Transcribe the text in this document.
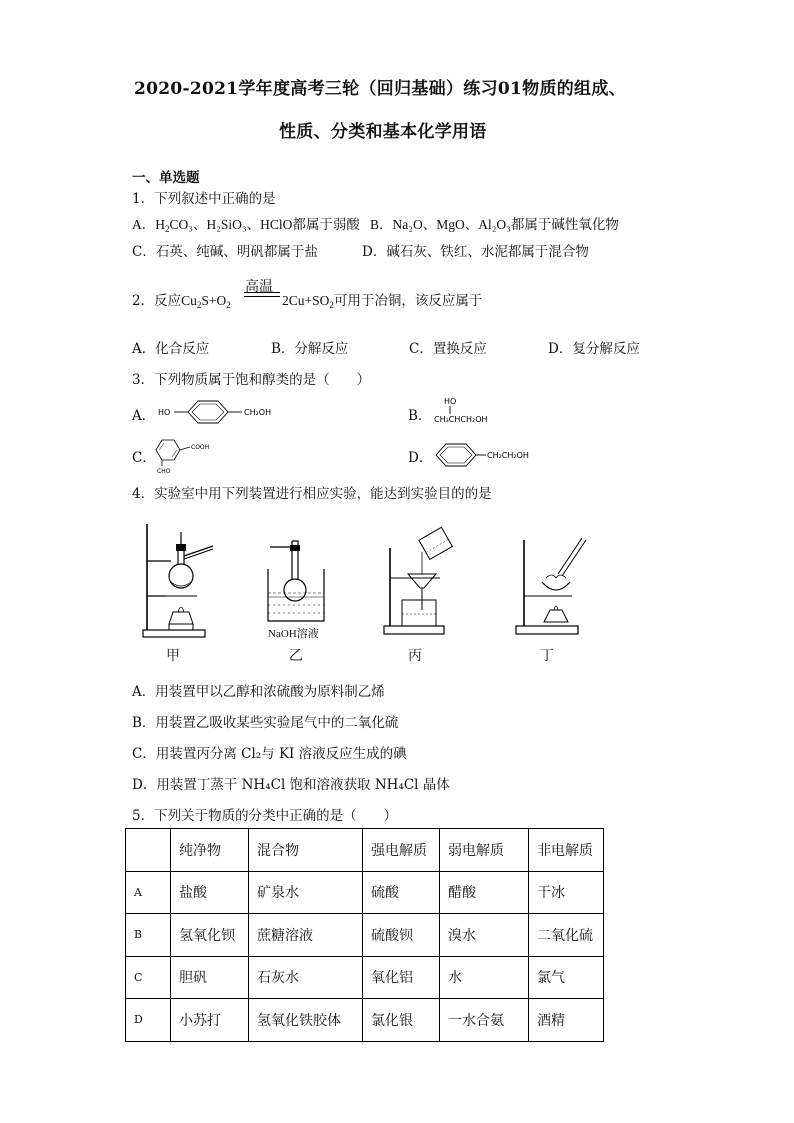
2020-2021学年度高考三轮（回归基础）练习01物质的组成、
性质、分类和基本化学用语
一、单选题
1．下列叙述中正确的是
A．$H_2CO_3$、H₂SiO₃、HClO都属于弱酸 B．Na₂O、MgO、Al₂O₃都属于碱性氧化物
C．石英、纯碱、明矾都属于盐	D．碱石灰、铁红、水泥都属于混合物
2．反应$Cu_2S+O_2$
高温
$2Cu+SO_2$可用于冶铜，该反应属于
A．化合反应	B．分解反应	C．置换反应	D．复分解反应
3．下列物质属于饱和醇类的是（　　）
A． HO	CH₂OH	B．
HO
CH₃CHCH₂OH
C．
COOH
CHO
D．	CH₂CH₂OH
4．实验室中用下列装置进行相应实验，能达到实验目的的是
甲
NaOH溶液
乙	丙	丁
A．用装置甲以乙醇和浓硫酸为原料制乙烯
B．用装置乙吸收某些实验尾气中的二氧化硫
C．用装置丙分离 Cl₂与 KI 溶液反应生成的碘
D．用装置丁蒸干 NH₄Cl 饱和溶液获取 NH₄Cl 晶体
5．下列关于物质的分类中正确的是（　　）
	纯净物	混合物	强电解质	弱电解质	非电解质
A	盐酸	矿泉水	硫酸	醋酸	干冰
B	氢氧化钡	蔗糖溶液	硫酸钡	溴水	二氧化硫
C	胆矾	石灰水	氧化铝	水	氯气
D	小苏打	氢氧化铁胶体	氯化银	一水合氨	酒精
